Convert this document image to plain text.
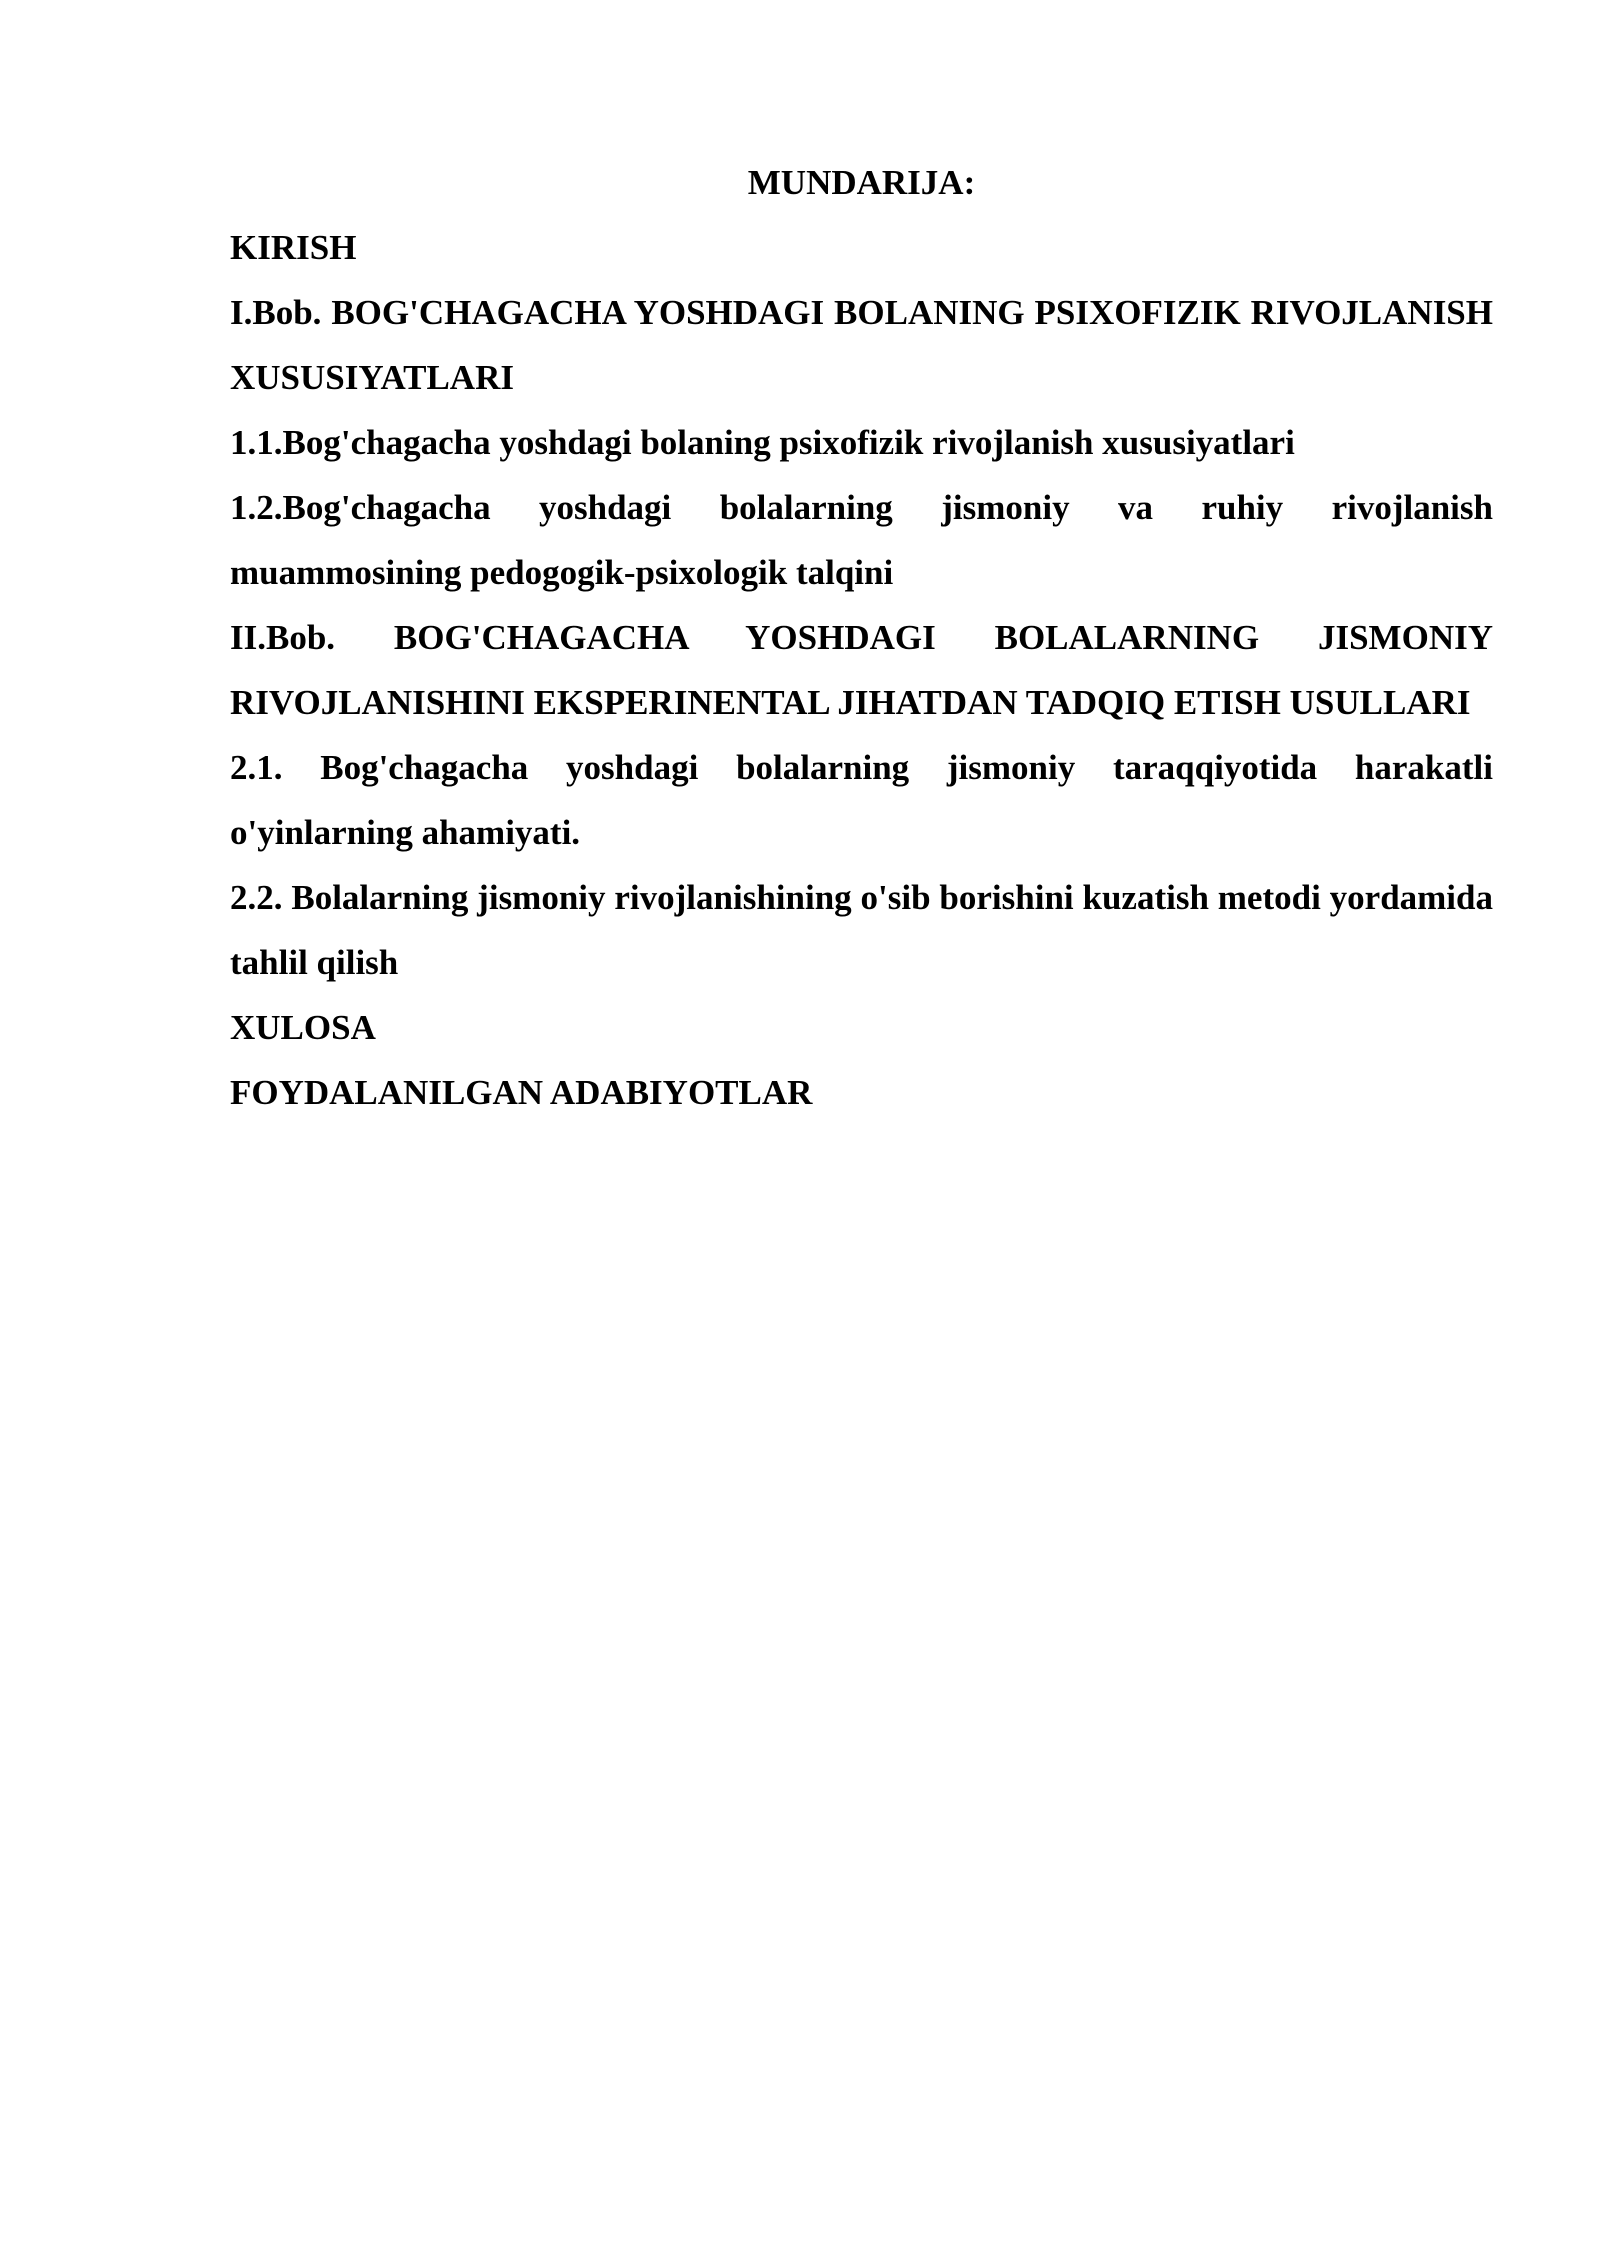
MUNDARIJA:

KIRISH

I.Bob. BOG'CHAGACHA YOSHDAGI BOLANING PSIXOFIZIK RIVOJLANISH XUSUSIYATLARI

1.1.Bog'chagacha yoshdagi bolaning psixofizik rivojlanish xususiyatlari

1.2.Bog'chagacha yoshdagi bolalarning jismoniy va ruhiy rivojlanish muammosining pedogogik-psixologik talqini

II.Bob. BOG'CHAGACHA YOSHDAGI BOLALARNING JISMONIY RIVOJLANISHINI EKSPERINENTAL JIHATDAN TADQIQ ETISH USULLARI

2.1. Bog'chagacha yoshdagi bolalarning jismoniy taraqqiyotida harakatli o'yinlarning ahamiyati.

2.2. Bolalarning jismoniy rivojlanishining o'sib borishini kuzatish metodi yordamida tahlil qilish

XULOSA

FOYDALANILGAN ADABIYOTLAR
